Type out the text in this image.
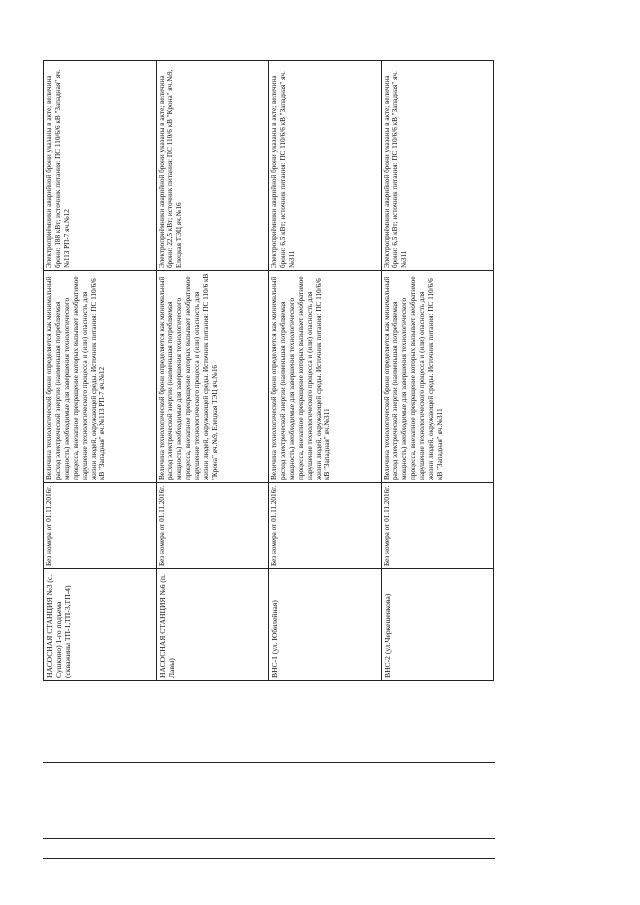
НАСОСНАЯ СТАНЦИЯ №3 (с. Сушкино) 1-го подъема (скважины ТП-1,ТП-3,ТП-4)	Без номера от 01.11.2016г.	Величина технологической брони определяется как минимальный расход электрической энергии (наименьшая потребляемая мощность) необходимые для завершения технологического процесса, внезапное прекращение которых вызывает необратимое нарушение технологического процесса и (или) опасность для жизни людей, окружающей среды. Источник питания: ПС 110/6/6 кВ "Западная" яч.№113 РП-7 яч.№12	Электроприёмники аварийной брони указаны в акте; величина брони: 188 кВт; источник питания: ПС 110/6/6 кВ "Западная" яч.№113 РП-7 яч.№12
НАСОСНАЯ СТАНЦИЯ №6 (п. Лавы)	Без номера от 01.11.2016г.	Величина технологической брони определяется как минимальный расход электрической энергии (наименьшая потребляемая мощность) необходимые для завершения технологического процесса, внезапное прекращение которых вызывает необратимое нарушение технологического процесса и (или) опасность для жизни людей, окружающей среды. Источник питания: ПС 110/6 кВ "Крона" яч.№9, Елецкая ТЭЦ яч.№16	Электроприёмники аварийной брони указаны в акте; величина брони: 22,5 кВт; источник питания: ПС 110/6 кВ "Крона" яч.№9, Елецкая ТЭЦ яч.№16
ВНС-1 (ул. Юбилейная)	Без номера от 01.11.2016г.	Величина технологической брони определяется как минимальный расход электрической энергии (наименьшая потребляемая мощность) необходимые для завершения технологического процесса, внезапное прекращение которых вызывает необратимое нарушение технологического процесса и (или) опасность для жизни людей, окружающей среды. Источник питания: ПС 110/6/6 кВ "Западная" яч.№311	Электроприёмники аварийной брони указаны в акте; величина брони: 6,5 кВт; источник питания: ПС 110/6/6 кВ "Западная" яч.№311
ВНС-2 (ул.Черкешенкова)	Без номера от 01.11.2016г.	Величина технологической брони определяется как минимальный расход электрической энергии (наименьшая потребляемая мощность) необходимые для завершения технологического процесса, внезапное прекращение которых вызывает необратимое нарушение технологического процесса и (или) опасность для жизни людей, окружающей среды. Источник питания: ПС 110/6/6 кВ "Западная" яч.№311	Электроприёмники аварийной брони указаны в акте; величина брони: 6,5 кВт; источник питания: ПС 110/6/6 кВ "Западная" яч.№311
